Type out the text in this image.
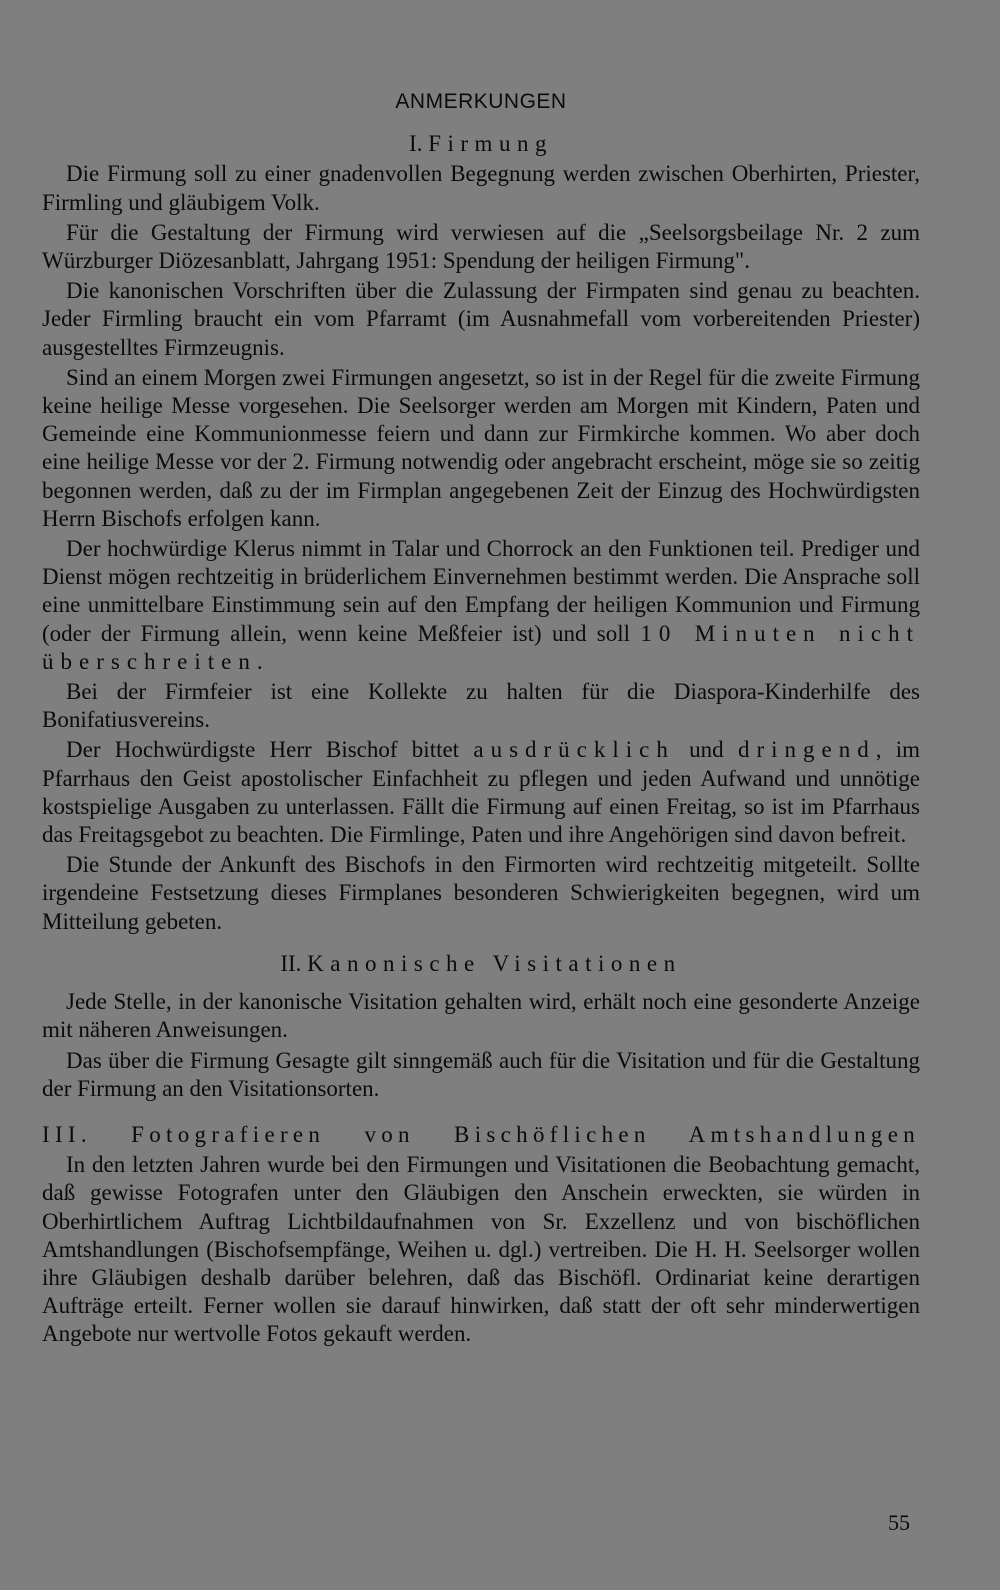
ANMERKUNGEN
I. Firmung

Die Firmung soll zu einer gnadenvollen Begegnung werden zwischen Oberhirten, Priester, Firmling und gläubigem Volk.

Für die Gestaltung der Firmung wird verwiesen auf die „Seelsorgsbeilage Nr. 2 zum Würzburger Diözesanblatt, Jahrgang 1951: Spendung der heiligen Firmung".

Die kanonischen Vorschriften über die Zulassung der Firmpaten sind genau zu beachten. Jeder Firmling braucht ein vom Pfarramt (im Ausnahmefall vom vorbereitenden Priester) ausgestelltes Firmzeugnis.

Sind an einem Morgen zwei Firmungen angesetzt, so ist in der Regel für die zweite Firmung keine heilige Messe vorgesehen. Die Seelsorger werden am Morgen mit Kindern, Paten und Gemeinde eine Kommunionmesse feiern und dann zur Firmkirche kommen. Wo aber doch eine heilige Messe vor der 2. Firmung notwendig oder angebracht erscheint, möge sie so zeitig begonnen werden, daß zu der im Firmplan angegebenen Zeit der Einzug des Hochwürdigsten Herrn Bischofs erfolgen kann.

Der hochwürdige Klerus nimmt in Talar und Chorrock an den Funktionen teil. Prediger und Dienst mögen rechtzeitig in brüderlichem Einvernehmen bestimmt werden. Die Ansprache soll eine unmittelbare Einstimmung sein auf den Empfang der heiligen Kommunion und Firmung (oder der Firmung allein, wenn keine Meßfeier ist) und soll 10 Minuten nicht überschreiten.

Bei der Firmfeier ist eine Kollekte zu halten für die Diaspora-Kinderhilfe des Bonifatiusvereins.

Der Hochwürdigste Herr Bischof bittet ausdrücklich und dringend, im Pfarrhaus den Geist apostolischer Einfachheit zu pflegen und jeden Aufwand und unnötige kostspielige Ausgaben zu unterlassen. Fällt die Firmung auf einen Freitag, so ist im Pfarrhaus das Freitagsgebot zu beachten. Die Firmlinge, Paten und ihre Angehörigen sind davon befreit.

Die Stunde der Ankunft des Bischofs in den Firmorten wird rechtzeitig mitgeteilt. Sollte irgendeine Festsetzung dieses Firmplanes besonderen Schwierigkeiten begegnen, wird um Mitteilung gebeten.

II. Kanonische Visitationen

Jede Stelle, in der kanonische Visitation gehalten wird, erhält noch eine gesonderte Anzeige mit näheren Anweisungen.

Das über die Firmung Gesagte gilt sinngemäß auch für die Visitation und für die Gestaltung der Firmung an den Visitationsorten.

III. Fotografieren von Bischöflichen Amtshandlungen

In den letzten Jahren wurde bei den Firmungen und Visitationen die Beobachtung gemacht, daß gewisse Fotografen unter den Gläubigen den Anschein erweckten, sie würden in Oberhirtlichem Auftrag Lichtbildaufnahmen von Sr. Exzellenz und von bischöflichen Amtshandlungen (Bischofsempfänge, Weihen u. dgl.) vertreiben. Die H. H. Seelsorger wollen ihre Gläubigen deshalb darüber belehren, daß das Bischöfl. Ordinariat keine derartigen Aufträge erteilt. Ferner wollen sie darauf hinwirken, daß statt der oft sehr minderwertigen Angebote nur wertvolle Fotos gekauft werden.

55
